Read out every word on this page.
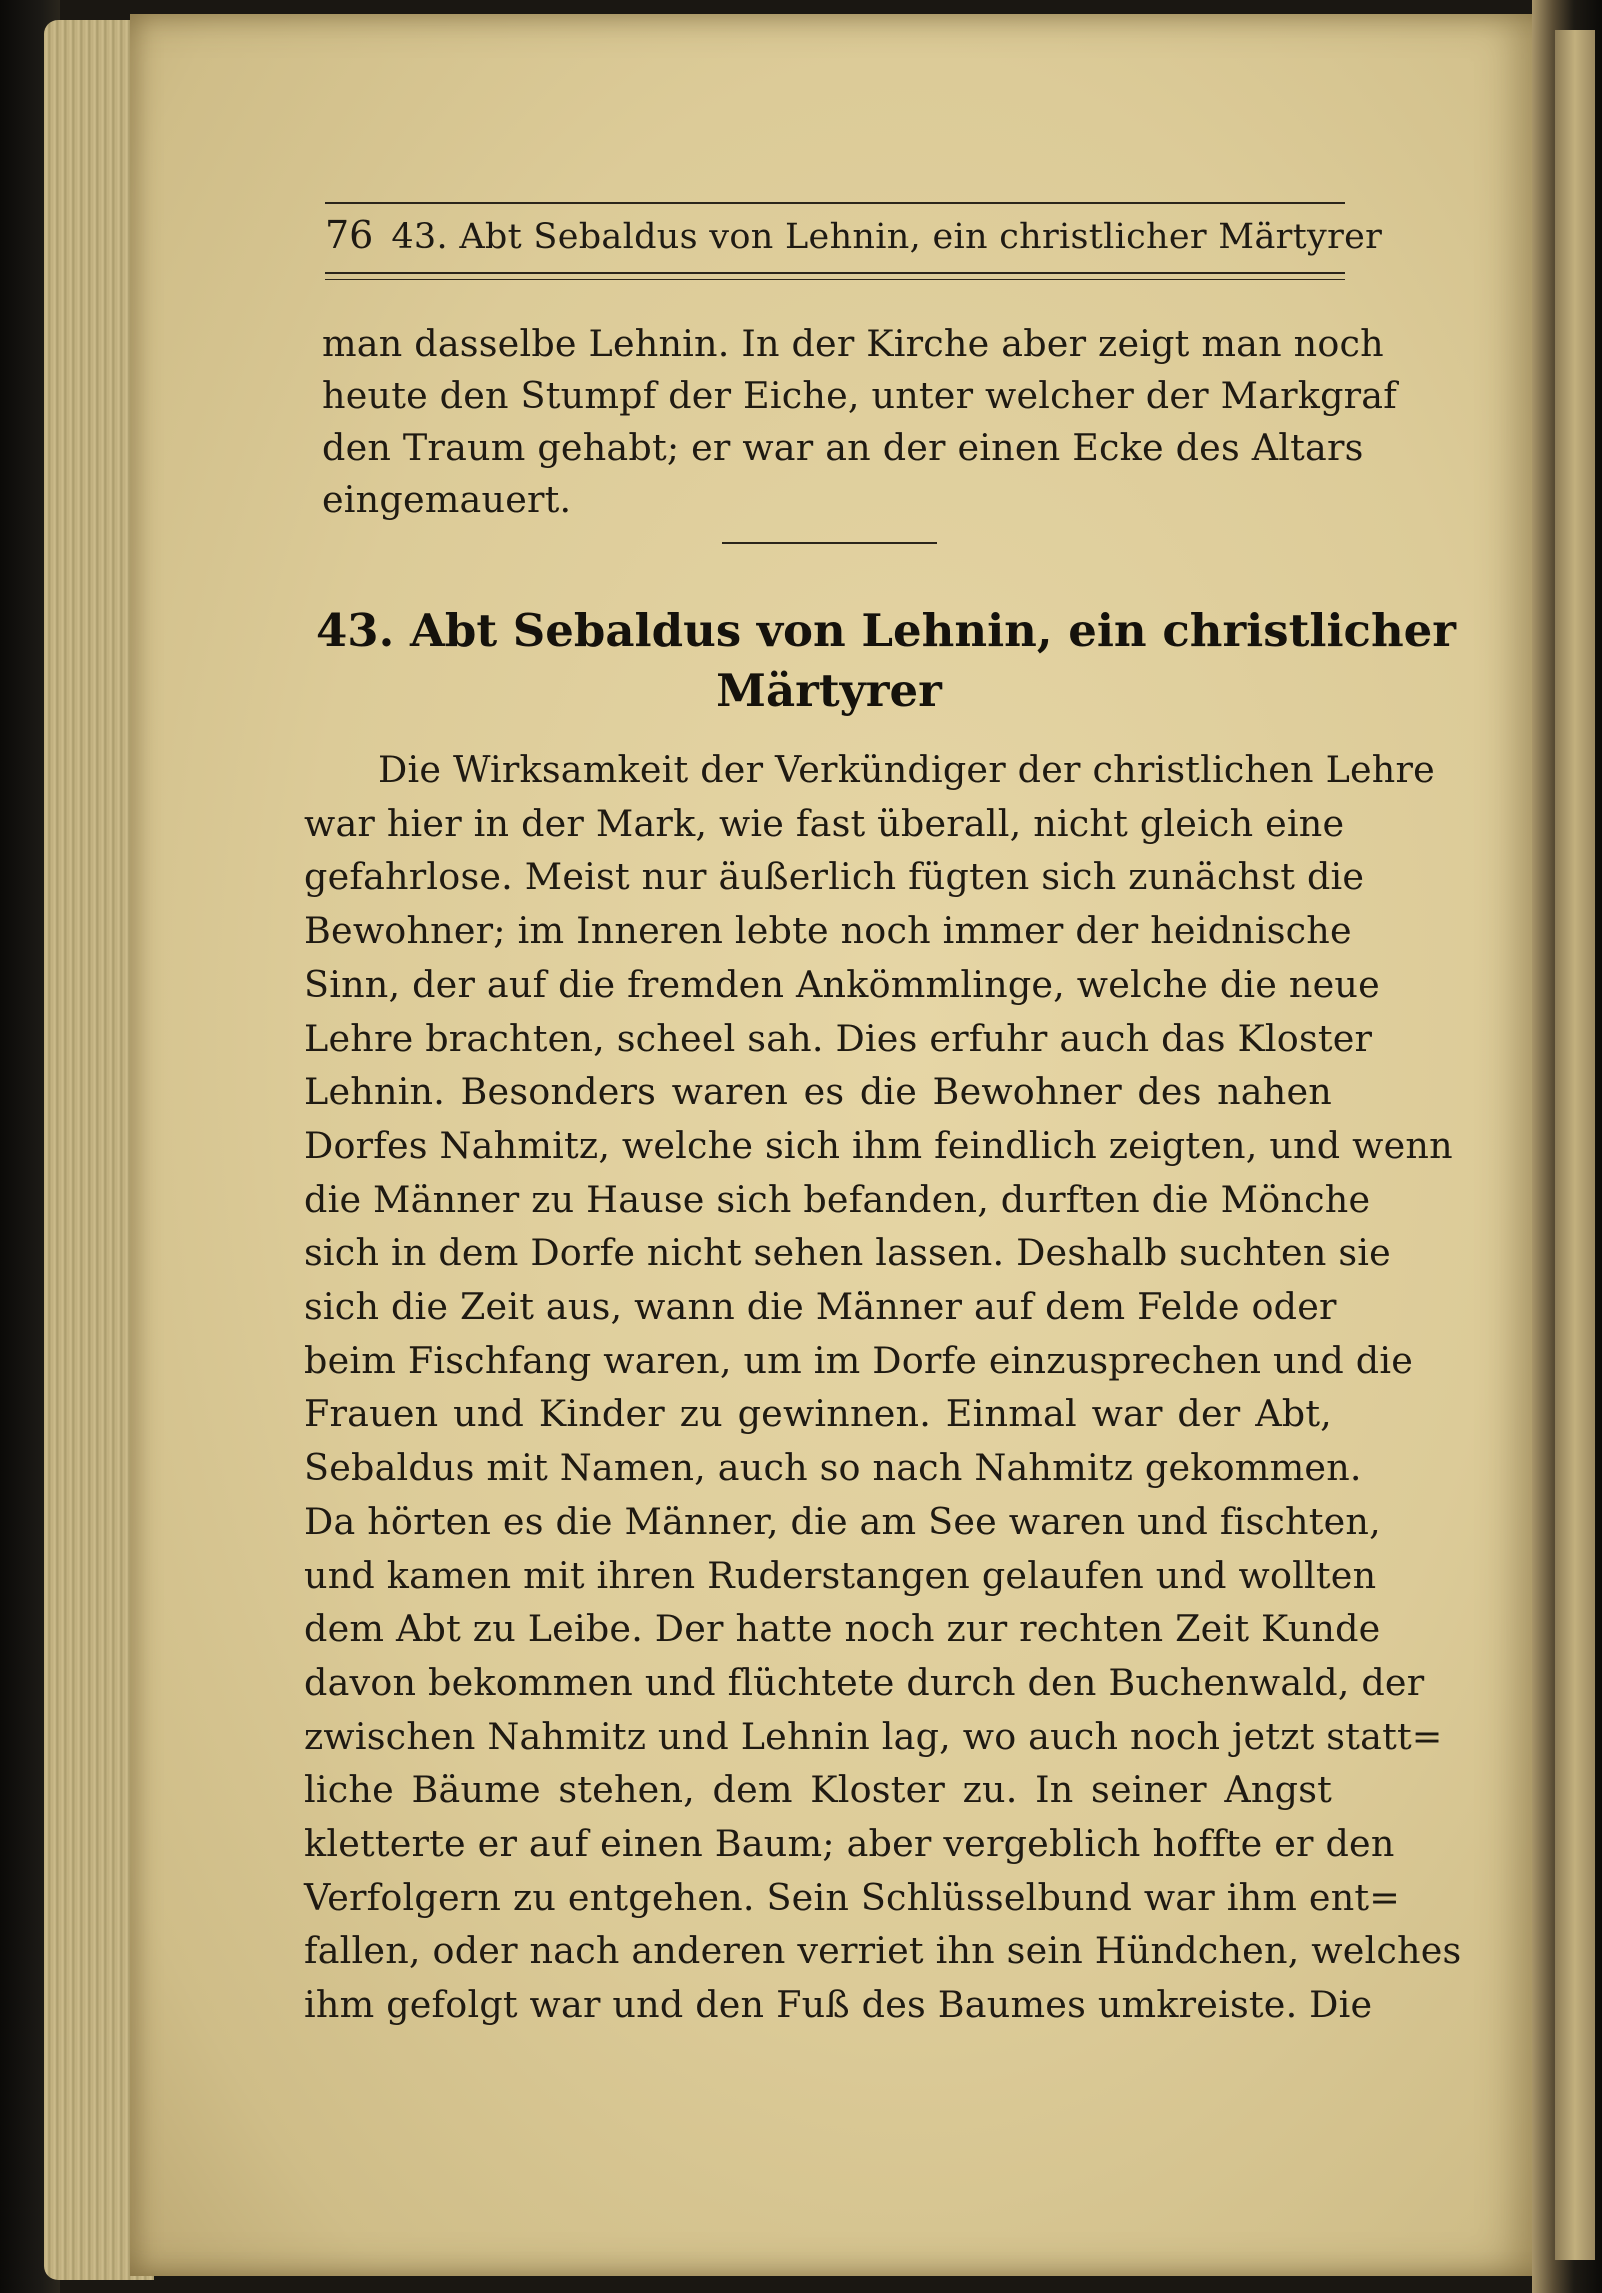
76 43. Abt Sebaldus von Lehnin, ein christlicher Märtyrer
man dasselbe Lehnin. In der Kirche aber zeigt man noch
heute den Stumpf der Eiche, unter welcher der Markgraf
den Traum gehabt; er war an der einen Ecke des Altars
eingemauert.
43. Abt Sebaldus von Lehnin, ein christlicher
Märtyrer
Die Wirksamkeit der Verkündiger der christlichen Lehre
war hier in der Mark, wie fast überall, nicht gleich eine
gefahrlose. Meist nur äußerlich fügten sich zunächst die
Bewohner; im Inneren lebte noch immer der heidnische
Sinn, der auf die fremden Ankömmlinge, welche die neue
Lehre brachten, scheel sah. Dies erfuhr auch das Kloster
Lehnin. Besonders waren es die Bewohner des nahen
Dorfes Nahmitz, welche sich ihm feindlich zeigten, und wenn
die Männer zu Hause sich befanden, durften die Mönche
sich in dem Dorfe nicht sehen lassen. Deshalb suchten sie
sich die Zeit aus, wann die Männer auf dem Felde oder
beim Fischfang waren, um im Dorfe einzusprechen und die
Frauen und Kinder zu gewinnen. Einmal war der Abt,
Sebaldus mit Namen, auch so nach Nahmitz gekommen.
Da hörten es die Männer, die am See waren und fischten,
und kamen mit ihren Ruderstangen gelaufen und wollten
dem Abt zu Leibe. Der hatte noch zur rechten Zeit Kunde
davon bekommen und flüchtete durch den Buchenwald, der
zwischen Nahmitz und Lehnin lag, wo auch noch jetzt statt=
liche Bäume stehen, dem Kloster zu. In seiner Angst
kletterte er auf einen Baum; aber vergeblich hoffte er den
Verfolgern zu entgehen. Sein Schlüsselbund war ihm ent=
fallen, oder nach anderen verriet ihn sein Hündchen, welches
ihm gefolgt war und den Fuß des Baumes umkreiste. Die
